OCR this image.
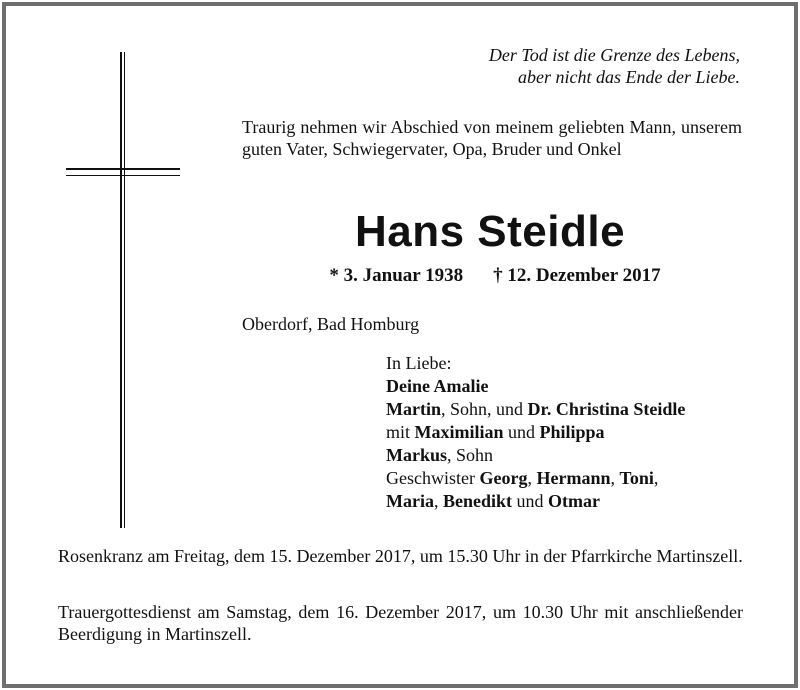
Der Tod ist die Grenze des Lebens,
aber nicht das Ende der Liebe.

Traurig nehmen wir Abschied von meinem geliebten Mann, unserem guten Vater, Schwiegervater, Opa, Bruder und Onkel

Hans Steidle
* 3. Januar 1938 † 12. Dezember 2017

Oberdorf, Bad Homburg

In Liebe:
Deine Amalie
Martin, Sohn, und Dr. Christina Steidle
mit Maximilian und Philippa
Markus, Sohn
Geschwister Georg, Hermann, Toni,
Maria, Benedikt und Otmar

Rosenkranz am Freitag, dem 15. Dezember 2017, um 15.30 Uhr in der Pfarrkirche Martinszell.

Trauergottesdienst am Samstag, dem 16. Dezember 2017, um 10.30 Uhr mit anschließender Beerdigung in Martinszell.
